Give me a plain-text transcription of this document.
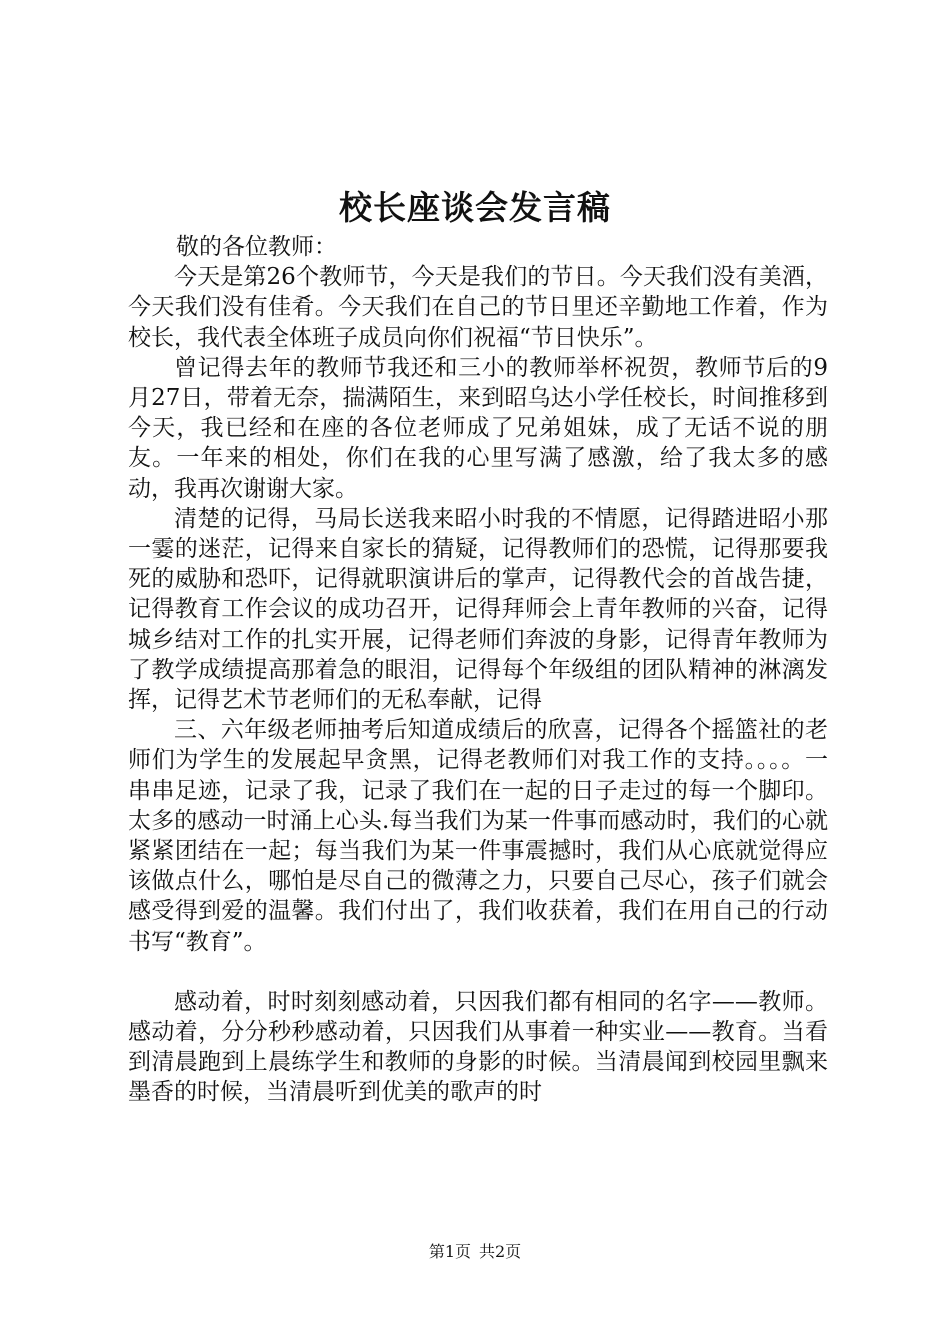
校长座谈会发言稿

敬的各位教师：

今天是第26个教师节，今天是我们的节日。今天我们没有美酒，今天我们没有佳肴。今天我们在自己的节日里还辛勤地工作着，作为校长，我代表全体班子成员向你们祝福“节日快乐”。

曾记得去年的教师节我还和三小的教师举杯祝贺，教师节后的9月27日，带着无奈，揣满陌生，来到昭乌达小学任校长，时间推移到今天，我已经和在座的各位老师成了兄弟姐妹，成了无话不说的朋友。一年来的相处，你们在我的心里写满了感激，给了我太多的感动，我再次谢谢大家。

清楚的记得，马局长送我来昭小时我的不情愿，记得踏进昭小那一霎的迷茫，记得来自家长的猜疑，记得教师们的恐慌，记得那要我死的威胁和恐吓，记得就职演讲后的掌声，记得教代会的首战告捷，记得教育工作会议的成功召开，记得拜师会上青年教师的兴奋，记得城乡结对工作的扎实开展，记得老师们奔波的身影，记得青年教师为了教学成绩提高那着急的眼泪，记得每个年级组的团队精神的淋漓发挥，记得艺术节老师们的无私奉献，记得

三、六年级老师抽考后知道成绩后的欣喜，记得各个摇篮社的老师们为学生的发展起早贪黑，记得老教师们对我工作的支持。。。。一串串足迹，记录了我，记录了我们在一起的日子走过的每一个脚印。太多的感动一时涌上心头.每当我们为某一件事而感动时，我们的心就紧紧团结在一起；每当我们为某一件事震撼时，我们从心底就觉得应该做点什么，哪怕是尽自己的微薄之力，只要自己尽心，孩子们就会感受得到爱的温馨。我们付出了，我们收获着，我们在用自己的行动书写“教育”。

感动着，时时刻刻感动着，只因我们都有相同的名字——教师。感动着，分分秒秒感动着，只因我们从事着一种实业——教育。当看到清晨跑到上晨练学生和教师的身影的时候。当清晨闻到校园里飘来墨香的时候，当清晨听到优美的歌声的时

第1页 共2页
